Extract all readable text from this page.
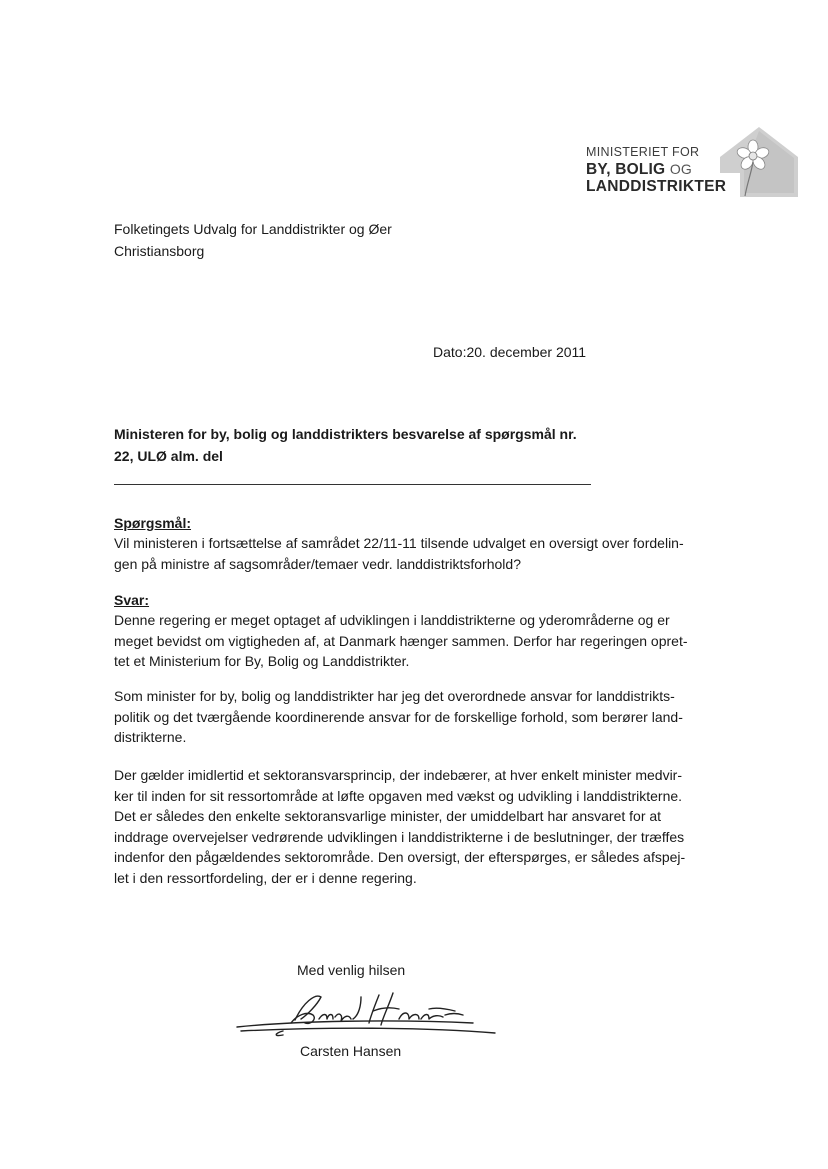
MINISTERIET FOR
BY, BOLIG OG
LANDDISTRIKTER
Folketingets Udvalg for Landdistrikter og Øer
Christiansborg
Dato:20. december 2011
Ministeren for by, bolig og landdistrikters besvarelse af spørgsmål nr.
22, ULØ alm. del
Spørgsmål:
Vil ministeren i fortsættelse af samrådet 22/11-11 tilsende udvalget en oversigt over fordelin-
gen på ministre af sagsområder/temaer vedr. landdistriktsforhold?
Svar:
Denne regering er meget optaget af udviklingen i landdistrikterne og yderområderne og er
meget bevidst om vigtigheden af, at Danmark hænger sammen. Derfor har regeringen opret-
tet et Ministerium for By, Bolig og Landdistrikter.
Som minister for by, bolig og landdistrikter har jeg det overordnede ansvar for landdistrikts-
politik og det tværgående koordinerende ansvar for de forskellige forhold, som berører land-
distrikterne.
Der gælder imidlertid et sektoransvarsprincip, der indebærer, at hver enkelt minister medvir-
ker til inden for sit ressortområde at løfte opgaven med vækst og udvikling i landdistrikterne.
Det er således den enkelte sektoransvarlige minister, der umiddelbart har ansvaret for at
inddrage overvejelser vedrørende udviklingen i landdistrikterne i de beslutninger, der træffes
indenfor den pågældendes sektorområde. Den oversigt, der efterspørges, er således afspej-
let i den ressortfordeling, der er i denne regering.
Med venlig hilsen
Carsten Hansen
